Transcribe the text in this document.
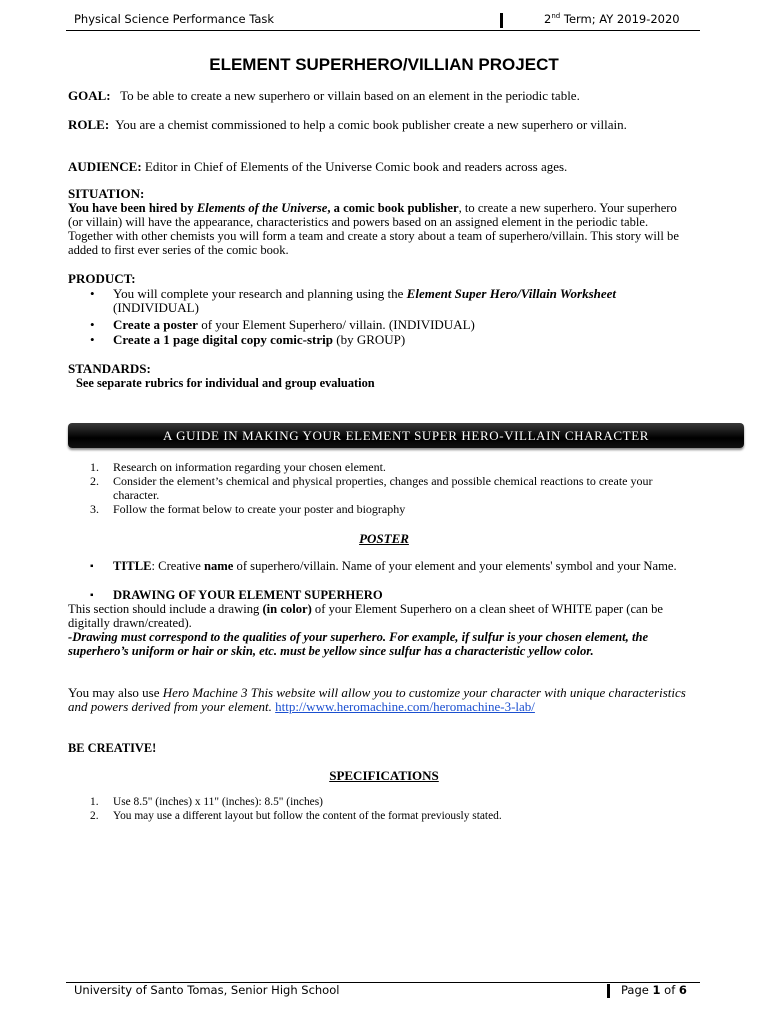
Physical Science Performance Task	2nd Term; AY 2019-2020
ELEMENT SUPERHERO/VILLIAN PROJECT
GOAL: To be able to create a new superhero or villain based on an element in the periodic table.
ROLE: You are a chemist commissioned to help a comic book publisher create a new superhero or villain.
AUDIENCE: Editor in Chief of Elements of the Universe Comic book and readers across ages.
SITUATION:
You have been hired by Elements of the Universe, a comic book publisher, to create a new superhero. Your superhero (or villain) will have the appearance, characteristics and powers based on an assigned element in the periodic table. Together with other chemists you will form a team and create a story about a team of superhero/villain. This story will be added to first ever series of the comic book.
PRODUCT:
• You will complete your research and planning using the Element Super Hero/Villain Worksheet (INDIVIDUAL)
• Create a poster of your Element Superhero/ villain. (INDIVIDUAL)
• Create a 1 page digital copy comic-strip (by GROUP)
STANDARDS:
See separate rubrics for individual and group evaluation
A GUIDE IN MAKING YOUR ELEMENT SUPER HERO-VILLAIN CHARACTER
1. Research on information regarding your chosen element.
2. Consider the element’s chemical and physical properties, changes and possible chemical reactions to create your character.
3. Follow the format below to create your poster and biography
POSTER
▪ TITLE: Creative name of superhero/villain. Name of your element and your elements' symbol and your Name.
▪ DRAWING OF YOUR ELEMENT SUPERHERO
This section should include a drawing (in color) of your Element Superhero on a clean sheet of WHITE paper (can be digitally drawn/created).
-Drawing must correspond to the qualities of your superhero. For example, if sulfur is your chosen element, the superhero’s uniform or hair or skin, etc. must be yellow since sulfur has a characteristic yellow color.
You may also use Hero Machine 3 This website will allow you to customize your character with unique characteristics and powers derived from your element. http://www.heromachine.com/heromachine-3-lab/
BE CREATIVE!
SPECIFICATIONS
1. Use 8.5" (inches) x 11" (inches): 8.5" (inches)
2. You may use a different layout but follow the content of the format previously stated.
University of Santo Tomas, Senior High School	Page 1 of 6
